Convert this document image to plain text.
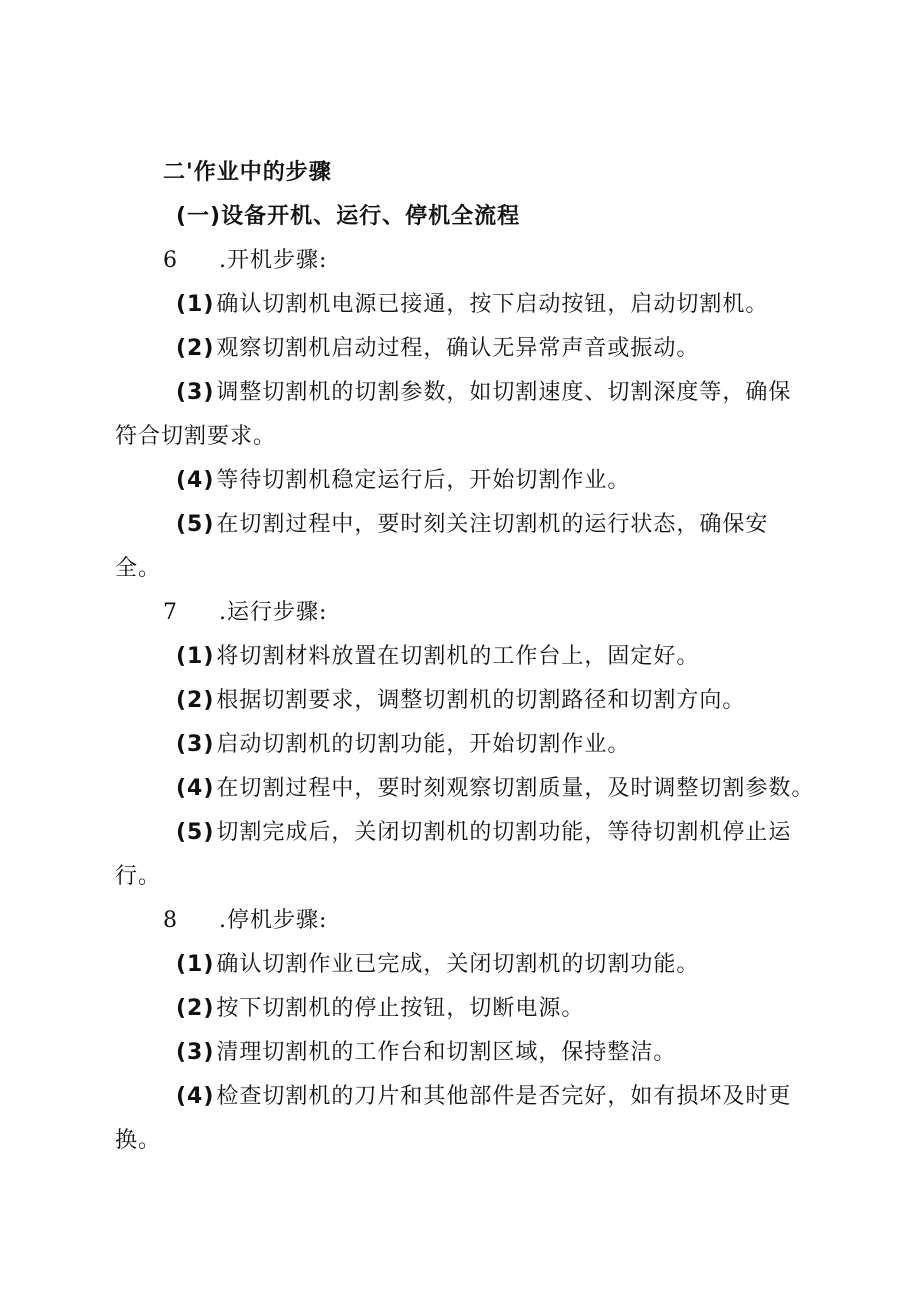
二'作业中的步骤
(一)设备开机、运行、停机全流程
6 .开机步骤:
(1)确认切割机电源已接通，按下启动按钮，启动切割机。
(2)观察切割机启动过程，确认无异常声音或振动。
(3)调整切割机的切割参数，如切割速度、切割深度等，确保
符合切割要求。
(4)等待切割机稳定运行后，开始切割作业。
(5)在切割过程中，要时刻关注切割机的运行状态，确保安
全。
7 .运行步骤:
(1)将切割材料放置在切割机的工作台上，固定好。
(2)根据切割要求，调整切割机的切割路径和切割方向。
(3)启动切割机的切割功能，开始切割作业。
(4)在切割过程中，要时刻观察切割质量，及时调整切割参数。
(5)切割完成后，关闭切割机的切割功能，等待切割机停止运
行。
8 .停机步骤:
(1)确认切割作业已完成，关闭切割机的切割功能。
(2)按下切割机的停止按钮，切断电源。
(3)清理切割机的工作台和切割区域，保持整洁。
(4)检查切割机的刀片和其他部件是否完好，如有损坏及时更
换。
